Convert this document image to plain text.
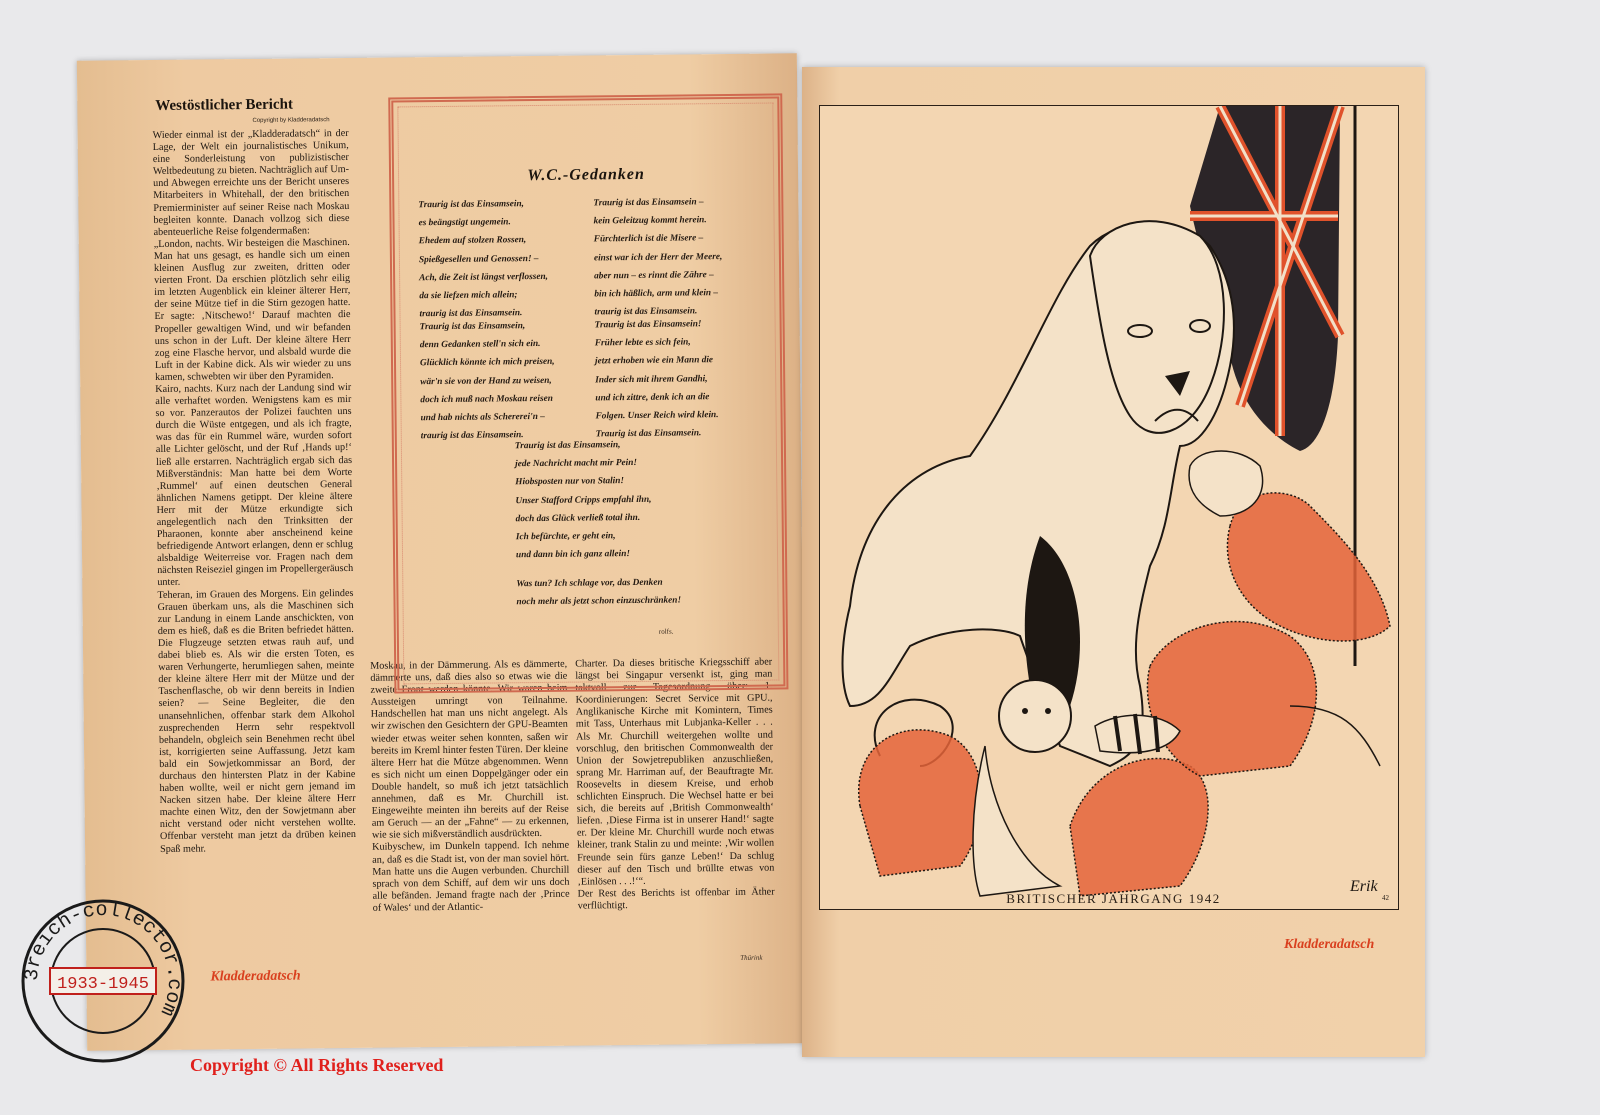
Westöstlicher Bericht
Copyright by Kladderadatsch
Wieder einmal ist der „Kladderadatsch“ in der Lage, der Welt ein journalistisches Unikum, eine Sonderleistung von publizistischer Weltbedeutung zu bieten. Nachträglich auf Um- und Abwegen erreichte uns der Bericht unseres Mitarbeiters in Whitehall, der den britischen Premierminister auf seiner Reise nach Moskau begleiten konnte. Danach vollzog sich diese abenteuerliche Reise folgendermaßen:
„London, nachts. Wir besteigen die Maschinen. Man hat uns gesagt, es handle sich um einen kleinen Ausflug zur zweiten, dritten oder vierten Front. Da erschien plötzlich sehr eilig im letzten Augenblick ein kleiner älterer Herr, der seine Mütze tief in die Stirn gezogen hatte. Er sagte: ‚Nitschewo!‘ Darauf machten die Propeller gewaltigen Wind, und wir befanden uns schon in der Luft. Der kleine ältere Herr zog eine Flasche hervor, und alsbald wurde die Luft in der Kabine dick. Als wir wieder zu uns kamen, schwebten wir über den Pyramiden.
Kairo, nachts. Kurz nach der Landung sind wir alle verhaftet worden. Wenigstens kam es mir so vor. Panzerautos der Polizei fauchten uns durch die Wüste entgegen, und als ich fragte, was das für ein Rummel wäre, wurden sofort alle Lichter gelöscht, und der Ruf ‚Hands up!‘ ließ alle erstarren. Nachträglich ergab sich das Mißverständnis: Man hatte bei dem Worte ‚Rummel‘ auf einen deutschen General ähnlichen Namens getippt. Der kleine ältere Herr mit der Mütze erkundigte sich angelegentlich nach den Trinksitten der Pharaonen, konnte aber anscheinend keine befriedigende Antwort erlangen, denn er schlug alsbaldige Weiterreise vor. Fragen nach dem nächsten Reiseziel gingen im Propellergeräusch unter.
Teheran, im Grauen des Morgens. Ein gelindes Grauen überkam uns, als die Maschinen sich zur Landung in einem Lande anschickten, von dem es hieß, daß es die Briten befriedet hätten. Die Flugzeuge setzten etwas rauh auf, und dabei blieb es. Als wir die ersten Toten, es waren Verhungerte, herumliegen sahen, meinte der kleine ältere Herr mit der Mütze und der Taschenflasche, ob wir denn bereits in Indien seien? — Seine Begleiter, die den unansehnlichen, offenbar stark dem Alkohol zusprechenden Herrn sehr respektvoll behandeln, obgleich sein Benehmen recht übel ist, korrigierten seine Auffassung. Jetzt kam bald ein Sowjetkommissar an Bord, der durchaus den hintersten Platz in der Kabine haben wollte, weil er nicht gern jemand im Nacken sitzen habe. Der kleine ältere Herr machte einen Witz, den der Sowjetmann aber nicht verstand oder nicht verstehen wollte. Offenbar versteht man jetzt da drüben keinen Spaß mehr.
Moskau, in der Dämmerung. Als es dämmerte, dämmerte uns, daß dies also so etwas wie die zweite Front werden könnte. Wir waren beim Aussteigen umringt von Teilnahme. Handschellen hat man uns nicht angelegt. Als wir zwischen den Gesichtern der GPU-Beamten wieder etwas weiter sehen konnten, saßen wir bereits im Kreml hinter festen Türen. Der kleine ältere Herr hat die Mütze abgenommen. Wenn es sich nicht um einen Doppelgänger oder ein Double handelt, so muß ich jetzt tatsächlich annehmen, daß es Mr. Churchill ist. Eingeweihte meinten ihn bereits auf der Reise am Geruch — an der „Fahne“ — zu erkennen, wie sie sich mißverständlich ausdrückten.
Kuibyschew, im Dunkeln tappend. Ich nehme an, daß es die Stadt ist, von der man soviel hört. Man hatte uns die Augen verbunden. Churchill sprach von dem Schiff, auf dem wir uns doch alle befänden. Jemand fragte nach der ‚Prince of Wales‘ und der Atlantic-
Charter. Da dieses britische Kriegsschiff aber längst bei Singapur versenkt ist, ging man taktvoll zur Tagesordnung über: 1. Koordinierungen: Secret Service mit GPU., Anglikanische Kirche mit Komintern, Times mit Tass, Unterhaus mit Lubjanka-Keller . . . Als Mr. Churchill weitergehen wollte und vorschlug, den britischen Commonwealth der Union der Sowjetrepubliken anzuschließen, sprang Mr. Harriman auf, der Beauftragte Mr. Roosevelts in diesem Kreise, und erhob schlichten Einspruch. Die Wechsel hatte er bei sich, die bereits auf ‚British Commonwealth‘ liefen. ‚Diese Firma ist in unserer Hand!‘ sagte er. Der kleine Mr. Churchill wurde noch etwas kleiner, trank Stalin zu und meinte: ‚Wir wollen Freunde sein fürs ganze Leben!‘ Da schlug dieser auf den Tisch und brüllte etwas von ‚Einlösen . . .!‘“.
Der Rest des Berichts ist offenbar im Äther verflüchtigt.
Thürink
W.C.-Gedanken
Traurig ist das Einsamsein,
es beängstigt ungemein.
Ehedem auf stolzen Rossen,
Spießgesellen und Genossen! –
Ach, die Zeit ist längst verflossen,
da sie liefzen mich allein;
traurig ist das Einsamsein.
Traurig ist das Einsamsein –
kein Geleitzug kommt herein.
Fürchterlich ist die Misere –
einst war ich der Herr der Meere,
aber nun – es rinnt die Zähre –
bin ich häßlich, arm und klein –
traurig ist das Einsamsein.
Traurig ist das Einsamsein,
denn Gedanken stell'n sich ein.
Glücklich könnte ich mich preisen,
wär'n sie von der Hand zu weisen,
doch ich muß nach Moskau reisen
und hab nichts als Schererei'n –
traurig ist das Einsamsein.
Traurig ist das Einsamsein!
Früher lebte es sich fein,
jetzt erhoben wie ein Mann die
Inder sich mit ihrem Gandhi,
und ich zittre, denk ich an die
Folgen. Unser Reich wird klein.
Traurig ist das Einsamsein.
Traurig ist das Einsamsein,
jede Nachricht macht mir Pein!
Hiobsposten nur von Stalin!
Unser Stafford Cripps empfahl ihn,
doch das Glück verließ total ihn.
Ich befürchte, er geht ein,
und dann bin ich ganz allein!
Was tun? Ich schlage vor, das Denken
noch mehr als jetzt schon einzuschränken!
rolfs.
Kladderadatsch
Erik
42
BRITISCHER JAHRGANG 1942
Kladderadatsch
3reich-collector.com
1933-1945
Copyright © All Rights Reserved
